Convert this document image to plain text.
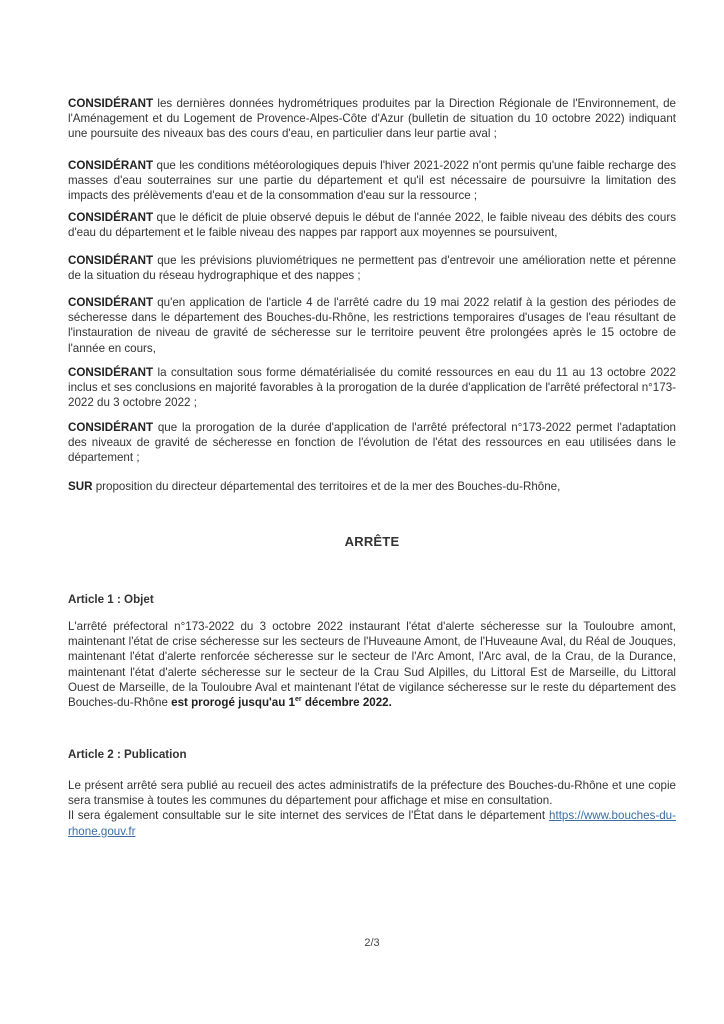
CONSIDÉRANT les dernières données hydrométriques produites par la Direction Régionale de l'Environnement, de l'Aménagement et du Logement de Provence-Alpes-Côte d'Azur (bulletin de situation du 10 octobre 2022) indiquant une poursuite des niveaux bas des cours d'eau, en particulier dans leur partie aval ;

CONSIDÉRANT que les conditions météorologiques depuis l'hiver 2021-2022 n'ont permis qu'une faible recharge des masses d'eau souterraines sur une partie du département et qu'il est nécessaire de poursuivre la limitation des impacts des prélèvements d'eau et de la consommation d'eau sur la ressource ;

CONSIDÉRANT que le déficit de pluie observé depuis le début de l'année 2022, le faible niveau des débits des cours d'eau du département et le faible niveau des nappes par rapport aux moyennes se poursuivent,

CONSIDÉRANT que les prévisions pluviométriques ne permettent pas d'entrevoir une amélioration nette et pérenne de la situation du réseau hydrographique et des nappes ;

CONSIDÉRANT qu'en application de l'article 4 de l'arrêté cadre du 19 mai 2022 relatif à la gestion des périodes de sécheresse dans le département des Bouches-du-Rhône, les restrictions temporaires d'usages de l'eau résultant de l'instauration de niveau de gravité de sécheresse sur le territoire peuvent être prolongées après le 15 octobre de l'année en cours,

CONSIDÉRANT la consultation sous forme dématérialisée du comité ressources en eau du 11 au 13 octobre 2022 inclus et ses conclusions en majorité favorables à la prorogation de la durée d'application de l'arrêté préfectoral n°173-2022 du 3 octobre 2022 ;

CONSIDÉRANT que la prorogation de la durée d'application de l'arrêté préfectoral n°173-2022 permet l'adaptation des niveaux de gravité de sécheresse en fonction de l'évolution de l'état des ressources en eau utilisées dans le département ;

SUR proposition du directeur départemental des territoires et de la mer des Bouches-du-Rhône,

ARRÊTE
Article 1 : Objet

L'arrêté préfectoral n°173-2022 du 3 octobre 2022 instaurant l'état d'alerte sécheresse sur la Touloubre amont, maintenant l'état de crise sécheresse sur les secteurs de l'Huveaune Amont, de l'Huveaune Aval, du Réal de Jouques, maintenant l'état d'alerte renforcée sécheresse sur le secteur de l'Arc Amont, l'Arc aval, de la Crau, de la Durance, maintenant l'état d'alerte sécheresse sur le secteur de la Crau Sud Alpilles, du Littoral Est de Marseille, du Littoral Ouest de Marseille, de la Touloubre Aval et maintenant l'état de vigilance sécheresse sur le reste du département des Bouches-du-Rhône est prorogé jusqu'au 1er décembre 2022.

Article 2 : Publication

Le présent arrêté sera publié au recueil des actes administratifs de la préfecture des Bouches-du-Rhône et une copie sera transmise à toutes les communes du département pour affichage et mise en consultation.

Il sera également consultable sur le site internet des services de l'État dans le département https://www.bouches-du-rhone.gouv.fr

2/3
